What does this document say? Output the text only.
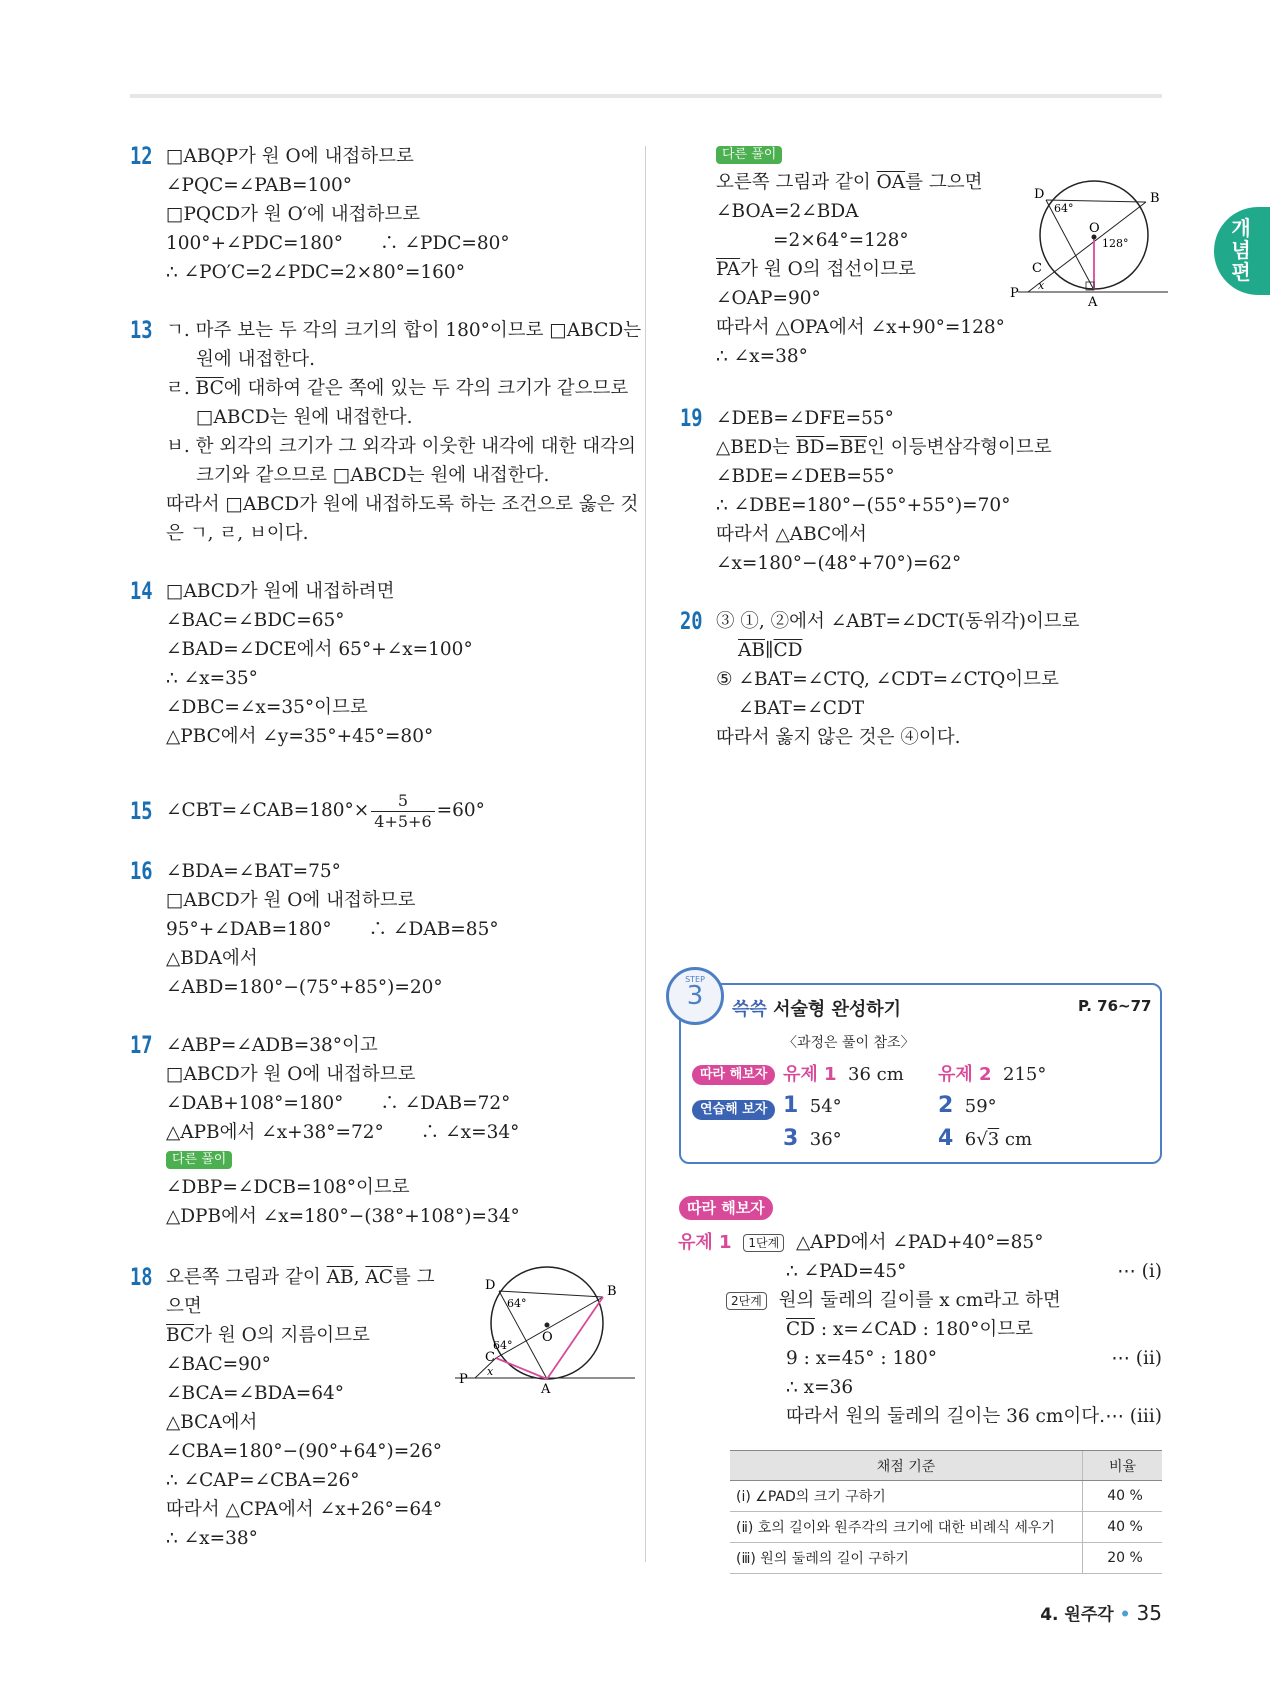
개념편
12 □ABQP가 원 O에 내접하므로
∠PQC=∠PAB=100°
□PQCD가 원 O′에 내접하므로
100°+∠PDC=180°　　∴ ∠PDC=80°
∴ ∠PO′C=2∠PDC=2×80°=160°
13 ㄱ. 마주 보는 두 각의 크기의 합이 180°이므로 □ABCD는
원에 내접한다.
ㄹ. $\overline{BC}$에 대하여 같은 쪽에 있는 두 각의 크기가 같으므로
□ABCD는 원에 내접한다.
ㅂ. 한 외각의 크기가 그 외각과 이웃한 내각에 대한 대각의
크기와 같으므로 □ABCD는 원에 내접한다.
따라서 □ABCD가 원에 내접하도록 하는 조건으로 옳은 것
은 ㄱ, ㄹ, ㅂ이다.
14 □ABCD가 원에 내접하려면
∠BAC=∠BDC=65°
∠BAD=∠DCE에서 65°+∠x=100°
∴ ∠x=35°
∠DBC=∠x=35°이므로
△PBC에서 ∠y=35°+45°=80°
15 ∠CBT=∠CAB=180°× $\frac{5}{4+5+6} =60^\circ$
16 ∠BDA=∠BAT=75°
□ABCD가 원 O에 내접하므로
95°+∠DAB=180°　　∴ ∠DAB=85°
△BDA에서
∠ABD=180°−(75°+85°)=20°
17 ∠ABP=∠ADB=38°이고
□ABCD가 원 O에 내접하므로
∠DAB+108°=180°　　∴ ∠DAB=72°
△APB에서 ∠x+38°=72°　　∴ ∠x=34°
다른 풀이
∠DBP=∠DCB=108°이므로
△DPB에서 ∠x=180°−(38°+108°)=34°
18 오른쪽 그림과 같이 $\overline{AB}$, $\overline{AC}$를 그
으면
$\overline{BC}$가 원 O의 지름이므로
∠BAC=90°
∠BCA=∠BDA=64°
△BCA에서
∠CBA=180°−(90°+64°)=26°
∴ ∠CAP=∠CBA=26°
따라서 △CPA에서 ∠x+26°=64°
∴ ∠x=38°
D	B
O
C
P
A
x
64°
64°
다른 풀이
오른쪽 그림과 같이 $\overline{OA}$를 그으면
∠BOA=2∠BDA
=2×64°=128°
$\overline{PA}$가 원 O의 접선이므로
∠OAP=90°
따라서 △OPA에서 ∠x+90°=128°
∴ ∠x=38°
D	B
O
C
P
A
x
64°
128°
19 ∠DEB=∠DFE=55°
△BED는 $\overline{BD}=\overline{BE}$인 이등변삼각형이므로
∠BDE=∠DEB=55°
∴ ∠DBE=180°−(55°+55°)=70°
따라서 △ABC에서
∠x=180°−(48°+70°)=62°
20 ③ ①, ②에서 ∠ABT=∠DCT(동위각)이므로
$\overline{AB}\parallel\overline{CD}$
⑤ ∠BAT=∠CTQ, ∠CDT=∠CTQ이므로
∠BAT=∠CDT
따라서 옳지 않은 것은 ④이다.
STEP
3	쓱쓱 서술형 완성하기	P. 76~77
〈과정은 풀이 참조〉
따라 해보자 유제 1 36 cm 유제 2 215°
연습해 보자 1 54°	2 59°
3 36°	4 6√3 cm
따라 해보자
유제 1 1단계 △APD에서 ∠PAD+40°=85°
∴ ∠PAD=45°	⋯ (ⅰ)
2단계 원의 둘레의 길이를 x cm라고 하면
$\overline{CD}$ : x=∠CAD : 180°이므로
9 : x=45° : 180°	⋯ (ⅱ)
∴ x=36
따라서 원의 둘레의 길이는 36 cm이다. ⋯ (ⅲ)
채점 기준	비율
(ⅰ) ∠PAD의 크기 구하기	40 %
(ⅱ) 호의 길이와 원주각의 크기에 대한 비례식 세우기	40 %
(ⅲ) 원의 둘레의 길이 구하기	20 %
4. 원주각 • 35
